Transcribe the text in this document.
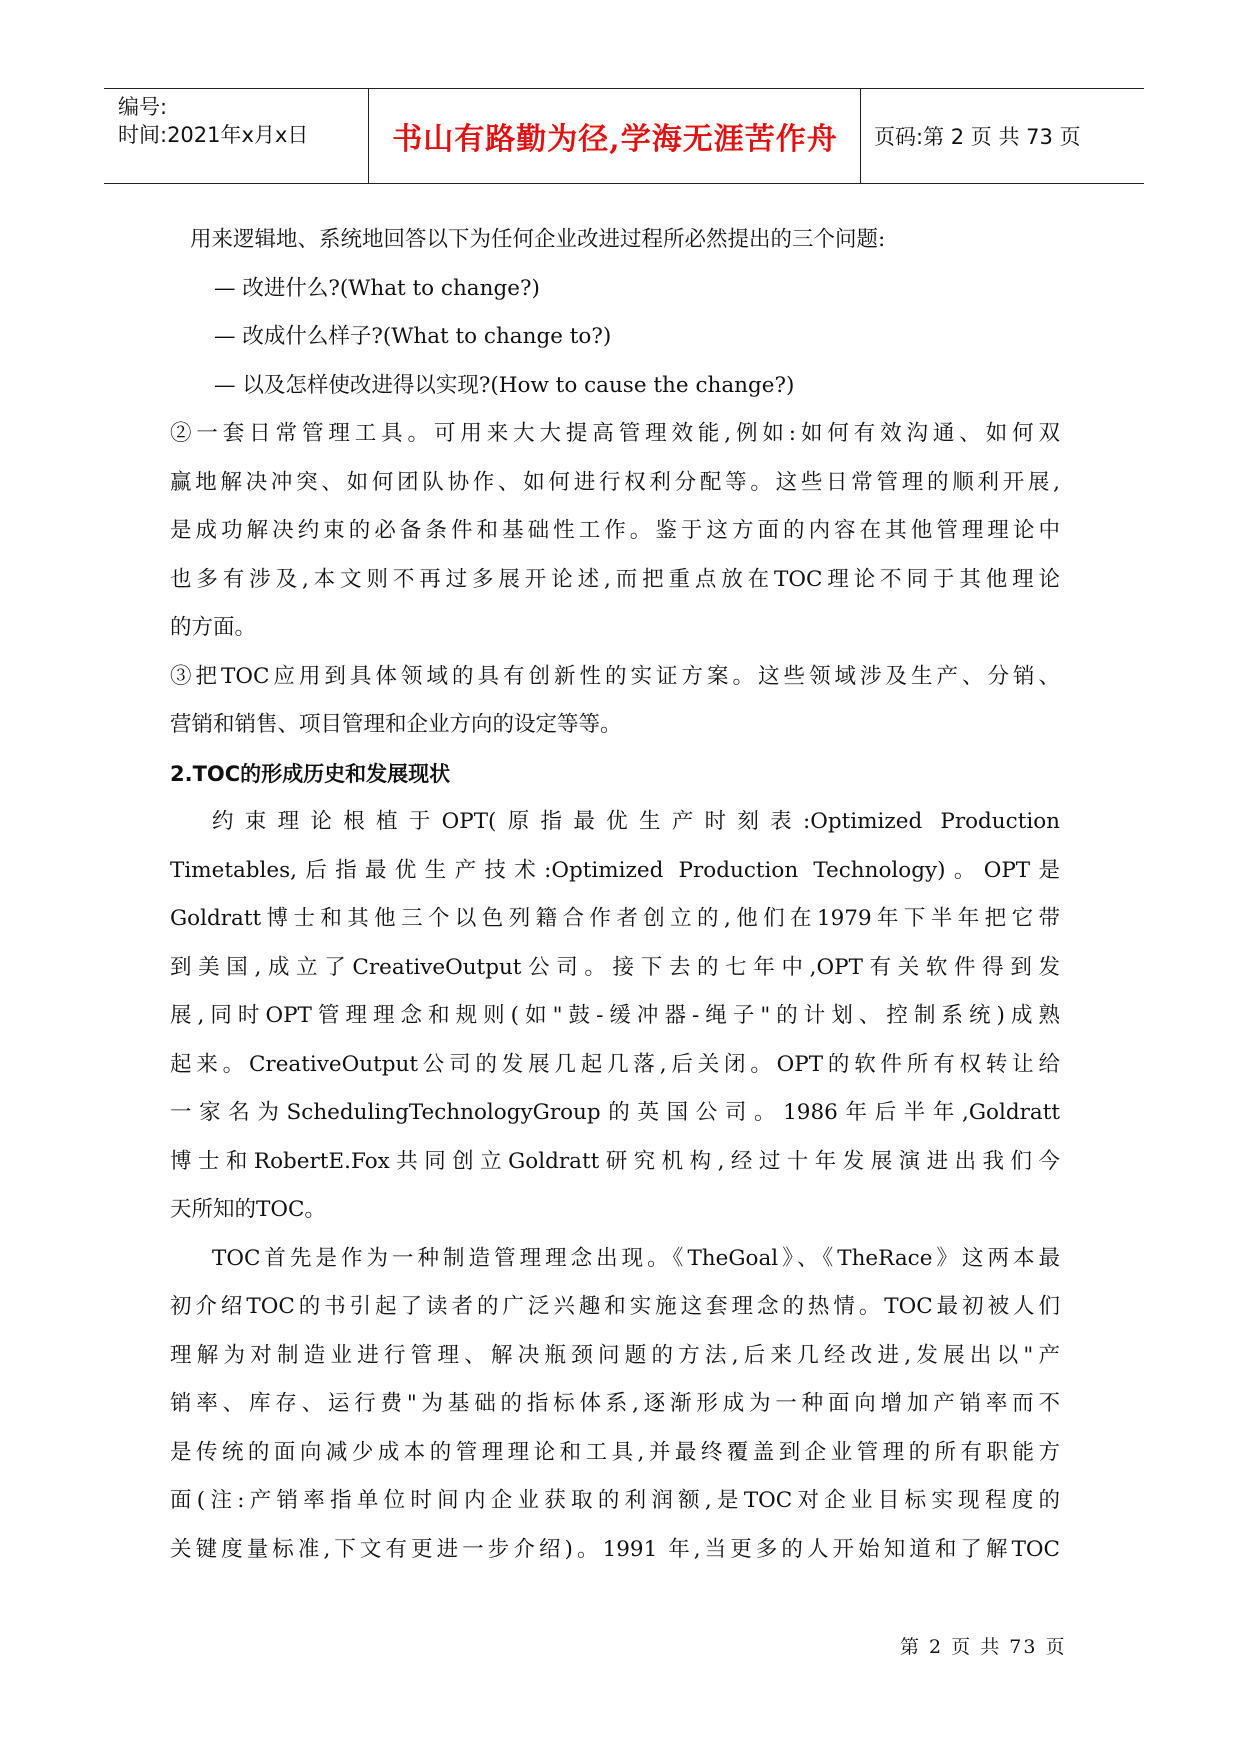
编号:
时间:2021年x月x日	书山有路勤为径,学海无涯苦作舟	页码:第 2 页 共 73 页

用来逻辑地、系统地回答以下为任何企业改进过程所必然提出的三个问题:

— 改进什么?(What to change?)

— 改成什么样子?(What to change to?)

— 以及怎样使改进得以实现?(How to cause the change?)

②一套日常管理工具。可用来大大提高管理效能,例如:如何有效沟通、如何双

赢地解决冲突、如何团队协作、如何进行权利分配等。这些日常管理的顺利开展,

是成功解决约束的必备条件和基础性工作。鉴于这方面的内容在其他管理理论中

也多有涉及,本文则不再过多展开论述,而把重点放在TOC理论不同于其他理论

的方面。

③把TOC应用到具体领域的具有创新性的实证方案。这些领域涉及生产、分销、

营销和销售、项目管理和企业方向的设定等等。

2.TOC的形成历史和发展现状

约束理论根植于OPT(原指最优生产时刻表:Optimized Production

Timetables,后指最优生产技术:Optimized Production Technology)。OPT是

Goldratt博士和其他三个以色列籍合作者创立的,他们在1979年下半年把它带

到美国,成立了CreativeOutput公司。接下去的七年中,OPT有关软件得到发

展,同时OPT管理理念和规则(如"鼓-缓冲器-绳子"的计划、控制系统)成熟

起来。CreativeOutput公司的发展几起几落,后关闭。OPT的软件所有权转让给

一家名为SchedulingTechnologyGroup的英国公司。1986年后半年,Goldratt

博士和RobertE.Fox共同创立Goldratt研究机构,经过十年发展演进出我们今

天所知的TOC。

TOC首先是作为一种制造管理理念出现。《TheGoal》、《TheRace》这两本最

初介绍TOC的书引起了读者的广泛兴趣和实施这套理念的热情。TOC最初被人们

理解为对制造业进行管理、解决瓶颈问题的方法,后来几经改进,发展出以"产

销率、库存、运行费"为基础的指标体系,逐渐形成为一种面向增加产销率而不

是传统的面向减少成本的管理理论和工具,并最终覆盖到企业管理的所有职能方

面(注:产销率指单位时间内企业获取的利润额,是TOC对企业目标实现程度的

关键度量标准,下文有更进一步介绍)。1991 年,当更多的人开始知道和了解TOC

第 2 页 共 73 页
